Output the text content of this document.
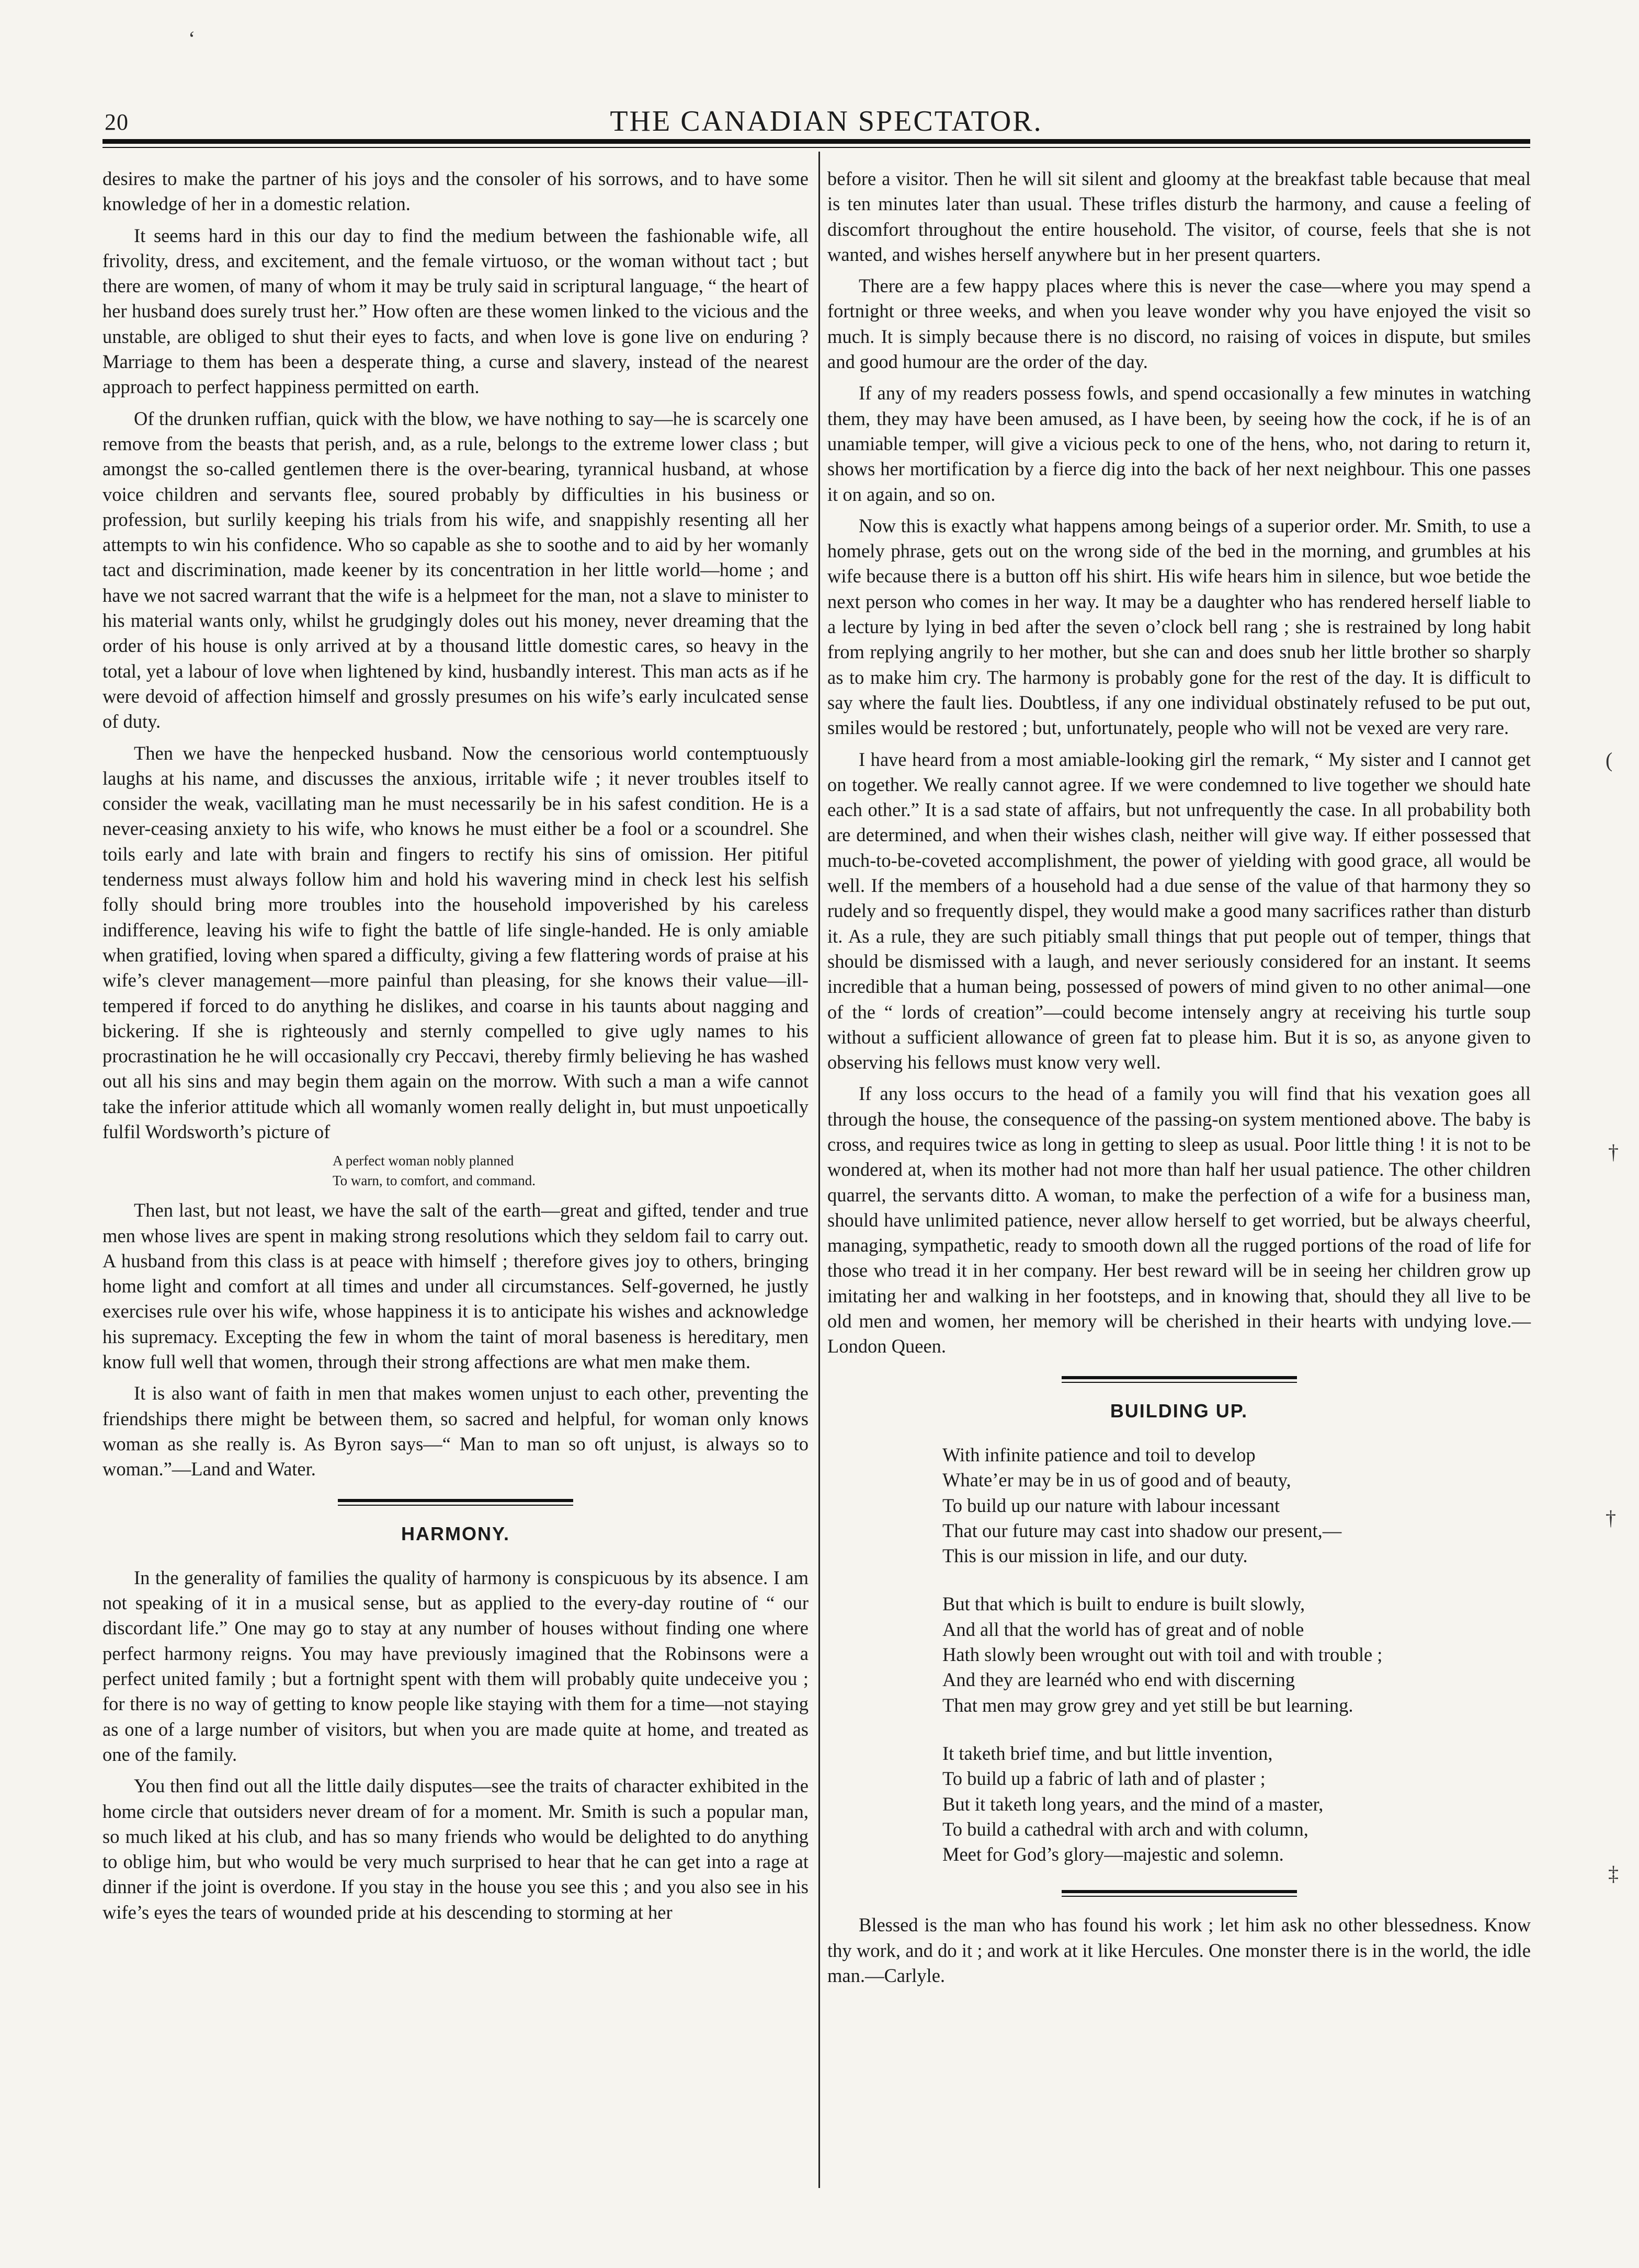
20	THE CANADIAN SPECTATOR.

desires to make the partner of his joys and the consoler of his sorrows, and to have some knowledge of her in a domestic relation.

It seems hard in this our day to find the medium between the fashionable wife, all frivolity, dress, and excitement, and the female virtuoso, or the woman without tact ; but there are women, of many of whom it may be truly said in scriptural language, “ the heart of her husband does surely trust her.” How often are these women linked to the vicious and the unstable, are obliged to shut their eyes to facts, and when love is gone live on enduring ? Marriage to them has been a desperate thing, a curse and slavery, instead of the nearest approach to perfect happiness permitted on earth.

Of the drunken ruffian, quick with the blow, we have nothing to say—he is scarcely one remove from the beasts that perish, and, as a rule, belongs to the extreme lower class ; but amongst the so-called gentlemen there is the over-bearing, tyrannical husband, at whose voice children and servants flee, soured probably by difficulties in his business or profession, but surlily keeping his trials from his wife, and snappishly resenting all her attempts to win his confidence. Who so capable as she to soothe and to aid by her womanly tact and discrimination, made keener by its concentration in her little world—home ; and have we not sacred warrant that the wife is a helpmeet for the man, not a slave to minister to his material wants only, whilst he grudgingly doles out his money, never dreaming that the order of his house is only arrived at by a thousand little domestic cares, so heavy in the total, yet a labour of love when lightened by kind, husbandly interest. This man acts as if he were devoid of affection himself and grossly presumes on his wife’s early inculcated sense of duty.

Then we have the henpecked husband. Now the censorious world contemptuously laughs at his name, and discusses the anxious, irritable wife ; it never troubles itself to consider the weak, vacillating man he must necessarily be in his safest condition. He is a never-ceasing anxiety to his wife, who knows he must either be a fool or a scoundrel. She toils early and late with brain and fingers to rectify his sins of omission. Her pitiful tenderness must always follow him and hold his wavering mind in check lest his selfish folly should bring more troubles into the household impoverished by his careless indifference, leaving his wife to fight the battle of life single-handed. He is only amiable when gratified, loving when spared a difficulty, giving a few flattering words of praise at his wife’s clever management—more painful than pleasing, for she knows their value—ill-tempered if forced to do anything he dislikes, and coarse in his taunts about nagging and bickering. If she is righteously and sternly compelled to give ugly names to his procrastination he he will occasionally cry Peccavi, thereby firmly believing he has washed out all his sins and may begin them again on the morrow. With such a man a wife cannot take the inferior attitude which all womanly women really delight in, but must unpoetically fulfil Wordsworth’s picture of

A perfect woman nobly planned
To warn, to comfort, and command.

Then last, but not least, we have the salt of the earth—great and gifted, tender and true men whose lives are spent in making strong resolutions which they seldom fail to carry out. A husband from this class is at peace with himself ; therefore gives joy to others, bringing home light and comfort at all times and under all circumstances. Self-governed, he justly exercises rule over his wife, whose happiness it is to anticipate his wishes and acknowledge his supremacy. Excepting the few in whom the taint of moral baseness is hereditary, men know full well that women, through their strong affections are what men make them.

It is also want of faith in men that makes women unjust to each other, preventing the friendships there might be between them, so sacred and helpful, for woman only knows woman as she really is. As Byron says—“ Man to man so oft unjust, is always so to woman.”—Land and Water.

HARMONY.

In the generality of families the quality of harmony is conspicuous by its absence. I am not speaking of it in a musical sense, but as applied to the every-day routine of “ our discordant life.” One may go to stay at any number of houses without finding one where perfect harmony reigns. You may have previously imagined that the Robinsons were a perfect united family ; but a fortnight spent with them will probably quite undeceive you ; for there is no way of getting to know people like staying with them for a time—not staying as one of a large number of visitors, but when you are made quite at home, and treated as one of the family.

You then find out all the little daily disputes—see the traits of character exhibited in the home circle that outsiders never dream of for a moment. Mr. Smith is such a popular man, so much liked at his club, and has so many friends who would be delighted to do anything to oblige him, but who would be very much surprised to hear that he can get into a rage at dinner if the joint is overdone. If you stay in the house you see this ; and you also see in his wife’s eyes the tears of wounded pride at his descending to storming at her

before a visitor. Then he will sit silent and gloomy at the breakfast table because that meal is ten minutes later than usual. These trifles disturb the harmony, and cause a feeling of discomfort throughout the entire household. The visitor, of course, feels that she is not wanted, and wishes herself anywhere but in her present quarters.

There are a few happy places where this is never the case—where you may spend a fortnight or three weeks, and when you leave wonder why you have enjoyed the visit so much. It is simply because there is no discord, no raising of voices in dispute, but smiles and good humour are the order of the day.

If any of my readers possess fowls, and spend occasionally a few minutes in watching them, they may have been amused, as I have been, by seeing how the cock, if he is of an unamiable temper, will give a vicious peck to one of the hens, who, not daring to return it, shows her mortification by a fierce dig into the back of her next neighbour. This one passes it on again, and so on.

Now this is exactly what happens among beings of a superior order. Mr. Smith, to use a homely phrase, gets out on the wrong side of the bed in the morning, and grumbles at his wife because there is a button off his shirt. His wife hears him in silence, but woe betide the next person who comes in her way. It may be a daughter who has rendered herself liable to a lecture by lying in bed after the seven o’clock bell rang ; she is restrained by long habit from replying angrily to her mother, but she can and does snub her little brother so sharply as to make him cry. The harmony is probably gone for the rest of the day. It is difficult to say where the fault lies. Doubtless, if any one individual obstinately refused to be put out, smiles would be restored ; but, unfortunately, people who will not be vexed are very rare.

I have heard from a most amiable-looking girl the remark, “ My sister and I cannot get on together. We really cannot agree. If we were condemned to live together we should hate each other.” It is a sad state of affairs, but not unfrequently the case. In all probability both are determined, and when their wishes clash, neither will give way. If either possessed that much-to-be-coveted accomplishment, the power of yielding with good grace, all would be well. If the members of a household had a due sense of the value of that harmony they so rudely and so frequently dispel, they would make a good many sacrifices rather than disturb it. As a rule, they are such pitiably small things that put people out of temper, things that should be dismissed with a laugh, and never seriously considered for an instant. It seems incredible that a human being, possessed of powers of mind given to no other animal—one of the “ lords of creation”—could become intensely angry at receiving his turtle soup without a sufficient allowance of green fat to please him. But it is so, as anyone given to observing his fellows must know very well.

If any loss occurs to the head of a family you will find that his vexation goes all through the house, the consequence of the passing-on system mentioned above. The baby is cross, and requires twice as long in getting to sleep as usual. Poor little thing ! it is not to be wondered at, when its mother had not more than half her usual patience. The other children quarrel, the servants ditto. A woman, to make the perfection of a wife for a business man, should have unlimited patience, never allow herself to get worried, but be always cheerful, managing, sympathetic, ready to smooth down all the rugged portions of the road of life for those who tread it in her company. Her best reward will be in seeing her children grow up imitating her and walking in her footsteps, and in knowing that, should they all live to be old men and women, her memory will be cherished in their hearts with undying love.—London Queen.

BUILDING UP.
With infinite patience and toil to develop
Whate’er may be in us of good and of beauty,
To build up our nature with labour incessant
That our future may cast into shadow our present,—
This is our mission in life, and our duty.
But that which is built to endure is built slowly,
And all that the world has of great and of noble
Hath slowly been wrought out with toil and with trouble ;
And they are learnéd who end with discerning
That men may grow grey and yet still be but learning.
It taketh brief time, and but little invention,
To build up a fabric of lath and of plaster ;
But it taketh long years, and the mind of a master,
To build a cathedral with arch and with column,
Meet for God’s glory—majestic and solemn.

Blessed is the man who has found his work ; let him ask no other blessedness. Know thy work, and do it ; and work at it like Hercules. One monster there is in the world, the idle man.—Carlyle.

‘
(
†
†
‡
